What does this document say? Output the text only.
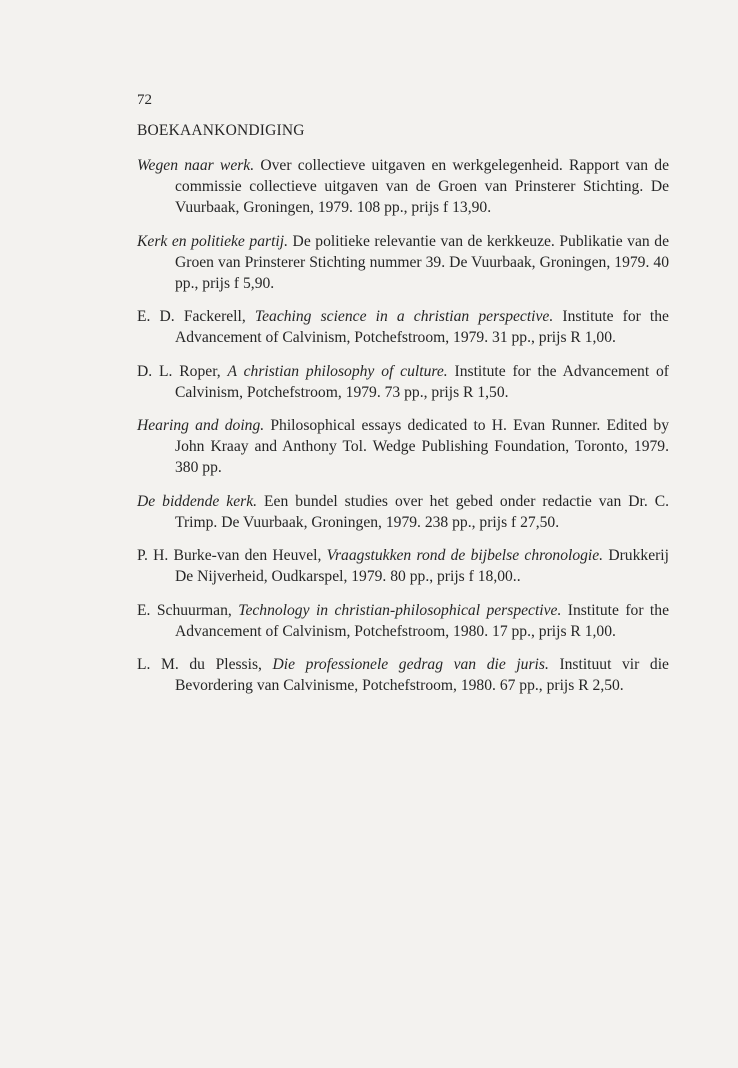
72
BOEKAANKONDIGING

Wegen naar werk. Over collectieve uitgaven en werkgelegenheid. Rapport van de commissie collectieve uitgaven van de Groen van Prinsterer Stichting. De Vuurbaak, Groningen, 1979. 108 pp., prijs f 13,90.

Kerk en politieke partij. De politieke relevantie van de kerkkeuze. Publikatie van de Groen van Prinsterer Stichting nummer 39. De Vuurbaak, Groningen, 1979. 40 pp., prijs f 5,90.

E. D. Fackerell, Teaching science in a christian perspective. Institute for the Advancement of Calvinism, Potchefstroom, 1979. 31 pp., prijs R 1,00.

D. L. Roper, A christian philosophy of culture. Institute for the Advancement of Calvinism, Potchefstroom, 1979. 73 pp., prijs R 1,50.

Hearing and doing. Philosophical essays dedicated to H. Evan Runner. Edited by John Kraay and Anthony Tol. Wedge Publishing Foundation, Toronto, 1979. 380 pp.

De biddende kerk. Een bundel studies over het gebed onder redactie van Dr. C. Trimp. De Vuurbaak, Groningen, 1979. 238 pp., prijs f 27,50.

P. H. Burke-van den Heuvel, Vraagstukken rond de bijbelse chronologie. Drukkerij De Nijverheid, Oudkarspel, 1979. 80 pp., prijs f 18,00..

E. Schuurman, Technology in christian-philosophical perspective. Institute for the Advancement of Calvinism, Potchefstroom, 1980. 17 pp., prijs R 1,00.

L. M. du Plessis, Die professionele gedrag van die juris. Instituut vir die Bevordering van Calvinisme, Potchefstroom, 1980. 67 pp., prijs R 2,50.
